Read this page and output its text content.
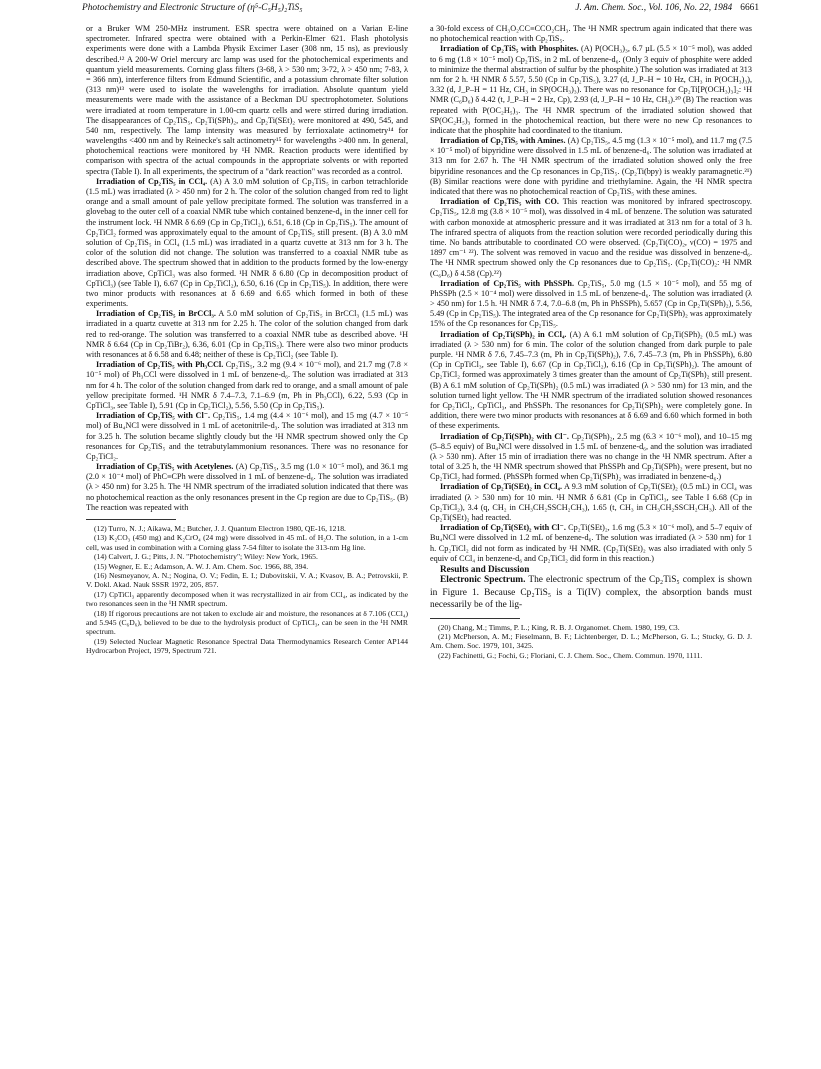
Photochemistry and Electronic Structure of (η⁵-C₅H₅)₂TiS₅	J. Am. Chem. Soc., Vol. 106, No. 22, 1984 6661

or a Bruker WM 250-MHz instrument. ESR spectra were obtained on a Varian E-line spectrometer. Infrared spectra were obtained with a Perkin-Elmer 621. Flash photolysis experiments were done with a Lambda Physik Excimer Laser (308 nm, 15 ns), as previously described.¹² A 200-W Oriel mercury arc lamp was used for the photochemical experiments and quantum yield measurements. Corning glass filters (3-68, λ > 530 nm; 3-72, λ > 450 nm; 7-83, λ = 366 nm), interference filters from Edmund Scientific, and a potassium chromate filter solution (313 nm)¹³ were used to isolate the wavelengths for irradiation. Absolute quantum yield measurements were made with the assistance of a Beckman DU spectrophotometer. Solutions were irradiated at room temperature in 1.00-cm quartz cells and were stirred during irradiation. The disappearances of Cp₂TiS₅, Cp₂Ti(SPh)₂, and Cp₂Ti(SEt)₂ were monitored at 490, 545, and 540 nm, respectively. The lamp intensity was measured by ferrioxalate actinometry¹⁴ for wavelengths <400 nm and by Reinecke's salt actinometry¹⁵ for wavelengths >400 nm. In general, photochemical reactions were monitored by ¹H NMR. Reaction products were identified by comparison with spectra of the actual compounds in the appropriate solvents or with reported spectra (Table I). In all experiments, the spectrum of a "dark reaction" was recorded as a control.

Irradiation of Cp₂TiS₅ in CCl₄. (A) A 3.0 mM solution of Cp₂TiS₅ in carbon tetrachloride (1.5 mL) was irradiated (λ > 450 nm) for 2 h. The color of the solution changed from red to light orange and a small amount of pale yellow precipitate formed. The solution was transferred in a glovebag to the outer cell of a coaxial NMR tube which contained benzene-d₆ in the inner cell for the instrument lock. ¹H NMR δ 6.69 (Cp in Cp₂TiCl₂), 6.51, 6.18 (Cp in Cp₂TiS₅). The amount of Cp₂TiCl₂ formed was approximately equal to the amount of Cp₂TiS₅ still present. (B) A 3.0 mM solution of Cp₂TiS₅ in CCl₄ (1.5 mL) was irradiated in a quartz cuvette at 313 nm for 3 h. The color of the solution did not change. The solution was transferred to a coaxial NMR tube as described above. The spectrum showed that in addition to the products formed by the low-energy irradiation above, CpTiCl₃ was also formed. ¹H NMR δ 6.80 (Cp in decomposition product of CpTiCl₃) (see Table I), 6.67 (Cp in Cp₂TiCl₂), 6.50, 6.16 (Cp in Cp₂TiS₅). In addition, there were two minor products with resonances at δ 6.69 and 6.65 which formed in both of these experiments.

Irradiation of Cp₂TiS₅ in BrCCl₃. A 5.0 mM solution of Cp₂TiS₅ in BrCCl₃ (1.5 mL) was irradiated in a quartz cuvette at 313 nm for 2.25 h. The color of the solution changed from dark red to red-orange. The solution was transferred to a coaxial NMR tube as described above. ¹H NMR δ 6.64 (Cp in Cp₂TiBr₂), 6.36, 6.01 (Cp in Cp₂TiS₅). There were also two minor products with resonances at δ 6.58 and 6.48; neither of these is Cp₂TiCl₂ (see Table I).

Irradiation of Cp₂TiS₅ with Ph₃CCl. Cp₂TiS₅, 3.2 mg (9.4 × 10⁻⁶ mol), and 21.7 mg (7.8 × 10⁻⁵ mol) of Ph₃CCl were dissolved in 1 mL of benzene-d₆. The solution was irradiated at 313 nm for 4 h. The color of the solution changed from dark red to orange, and a small amount of pale yellow precipitate formed. ¹H NMR δ 7.4–7.3, 7.1–6.9 (m, Ph in Ph₃CCl), 6.22, 5.93 (Cp in CpTiCl₃, see Table I), 5.91 (Cp in Cp₂TiCl₂), 5.56, 5.50 (Cp in Cp₂TiS₅).

Irradiation of Cp₂TiS₅ with Cl⁻. Cp₂TiS₅, 1.4 mg (4.4 × 10⁻⁶ mol), and 15 mg (4.7 × 10⁻⁵ mol) of Bu₄NCl were dissolved in 1 mL of acetonitrile-d₃. The solution was irradiated at 313 nm for 3.25 h. The solution became slightly cloudy but the ¹H NMR spectrum showed only the Cp resonances for Cp₂TiS₅ and the tetrabutylammonium resonances. There was no resonance for Cp₂TiCl₂.

Irradiation of Cp₂TiS₅ with Acetylenes. (A) Cp₂TiS₅, 3.5 mg (1.0 × 10⁻⁵ mol), and 36.1 mg (2.0 × 10⁻⁴ mol) of PhC≡CPh were dissolved in 1 mL of benzene-d₆. The solution was irradiated (λ > 450 nm) for 3.25 h. The ¹H NMR spectrum of the irradiated solution indicated that there was no photochemical reaction as the only resonances present in the Cp region are due to Cp₂TiS₅. (B) The reaction was repeated with

(12) Turro, N. J.; Aikawa, M.; Butcher, J. J. Quantum Electron 1980, QE-16, 1218.

(13) K₂CO₃ (450 mg) and K₂CrO₄ (24 mg) were dissolved in 45 mL of H₂O. The solution, in a 1-cm cell, was used in combination with a Corning glass 7-54 filter to isolate the 313-nm Hg line.

(14) Calvert, J. G.; Pitts, J. N. "Photochemistry"; Wiley: New York, 1965.

(15) Wegner, E. E.; Adamson, A. W. J. Am. Chem. Soc. 1966, 88, 394.

(16) Nesmeyanov, A. N.; Nogina, O. V.; Fedin, E. I.; Dubovitskii, V. A.; Kvasov, B. A.; Petrovskii, P. V. Dokl. Akad. Nauk SSSR 1972, 205, 857.

(17) CpTiCl₃ apparently decomposed when it was recrystallized in air from CCl₄, as indicated by the two resonances seen in the ¹H NMR spectrum.

(18) If rigorous precautions are not taken to exclude air and moisture, the resonances at δ 7.106 (CCl₄) and 5.945 (C₆D₆), believed to be due to the hydrolysis product of CpTiCl₃, can be seen in the ¹H NMR spectrum.

(19) Selected Nuclear Magnetic Resonance Spectral Data Thermodynamics Research Center AP144 Hydrocarbon Project, 1979, Spectrum 721.

a 30-fold excess of CH₃O₂CC≡CCO₂CH₃. The ¹H NMR spectrum again indicated that there was no photochemical reaction with Cp₂TiS₅.

Irradiation of Cp₂TiS₅ with Phosphites. (A) P(OCH₃)₃, 6.7 µL (5.5 × 10⁻⁵ mol), was added to 6 mg (1.8 × 10⁻⁵ mol) Cp₂TiS₅ in 2 mL of benzene-d₆. (Only 3 equiv of phosphite were added to minimize the thermal abstraction of sulfur by the phosphite.) The solution was irradiated at 313 nm for 2 h. ¹H NMR δ 5.57, 5.50 (Cp in Cp₂TiS₅), 3.27 (d, J_P–H = 10 Hz, CH₃ in P(OCH₃)₃), 3.32 (d, J_P–H = 11 Hz, CH₃ in SP(OCH₃)₃). There was no resonance for Cp₂Ti[P(OCH₃)₃]₂: ¹H NMR (C₆D₆) δ 4.42 (t, J_P–H = 2 Hz, Cp), 2.93 (d, J_P–H = 10 Hz, CH₃).²⁰ (B) The reaction was repeated with P(OC₂H₅)₃. The ¹H NMR spectrum of the irradiated solution showed that SP(OC₂H₅)₃ formed in the photochemical reaction, but there were no new Cp resonances to indicate that the phosphite had coordinated to the titanium.

Irradiation of Cp₂TiS₅ with Amines. (A) Cp₂TiS₅, 4.5 mg (1.3 × 10⁻⁵ mol), and 11.7 mg (7.5 × 10⁻⁵ mol) of bipyridine were dissolved in 1.5 mL of benzene-d₆. The solution was irradiated at 313 nm for 2.67 h. The ¹H NMR spectrum of the irradiated solution showed only the free bipyridine resonances and the Cp resonances in Cp₂TiS₅. (Cp₂Ti(bpy) is weakly paramagnetic.²¹) (B) Similar reactions were done with pyridine and triethylamine. Again, the ¹H NMR spectra indicated that there was no photochemical reaction of Cp₂TiS₅ with these amines.

Irradiation of Cp₂TiS₅ with CO. This reaction was monitored by infrared spectroscopy. Cp₂TiS₅, 12.8 mg (3.8 × 10⁻⁵ mol), was dissolved in 4 mL of benzene. The solution was saturated with carbon monoxide at atmospheric pressure and it was irradiated at 313 nm for a total of 3 h. The infrared spectra of aliquots from the reaction solution were recorded periodically during this time. No bands attributable to coordinated CO were observed. (Cp₂Ti(CO)₂, ν(CO) = 1975 and 1897 cm⁻¹ ²²). The solvent was removed in vacuo and the residue was dissolved in benzene-d₆. The ¹H NMR spectrum showed only the Cp resonances due to Cp₂TiS₅. (Cp₂Ti(CO)₂: ¹H NMR (C₆D₆) δ 4.58 (Cp).²²)

Irradiation of Cp₂TiS₅ with PhSSPh. Cp₂TiS₅, 5.0 mg (1.5 × 10⁻⁵ mol), and 55 mg of PhSSPh (2.5 × 10⁻⁴ mol) were dissolved in 1.5 mL of benzene-d₆. The solution was irradiated (λ > 450 nm) for 1.5 h. ¹H NMR δ 7.4, 7.0–6.8 (m, Ph in PhSSPh), 5.657 (Cp in Cp₂Ti(SPh)₂), 5.56, 5.49 (Cp in Cp₂TiS₅). The integrated area of the Cp resonance for Cp₂Ti(SPh)₂ was approximately 15% of the Cp resonances for Cp₂TiS₅.

Irradiation of Cp₂Ti(SPh)₂ in CCl₄. (A) A 6.1 mM solution of Cp₂Ti(SPh)₂ (0.5 mL) was irradiated (λ > 530 nm) for 6 min. The color of the solution changed from dark purple to pale purple. ¹H NMR δ 7.6, 7.45–7.3 (m, Ph in Cp₂Ti(SPh)₂), 7.6, 7.45–7.3 (m, Ph in PhSSPh), 6.80 (Cp in CpTiCl₃, see Table I), 6.67 (Cp in Cp₂TiCl₂), 6.16 (Cp in Cp₂Ti(SPh)₂). The amount of Cp₂TiCl₂ formed was approximately 3 times greater than the amount of Cp₂Ti(SPh)₂ still present. (B) A 6.1 mM solution of Cp₂Ti(SPh)₂ (0.5 mL) was irradiated (λ > 530 nm) for 13 min, and the solution turned light yellow. The ¹H NMR spectrum of the irradiated solution showed resonances for Cp₂TiCl₂, CpTiCl₃, and PhSSPh. The resonances for Cp₂Ti(SPh)₂ were completely gone. In addition, there were two minor products with resonances at δ 6.69 and 6.60 which formed in both of these experiments.

Irradiation of Cp₂Ti(SPh)₂ with Cl⁻. Cp₂Ti(SPh)₂, 2.5 mg (6.3 × 10⁻⁶ mol), and 10–15 mg (5–8.5 equiv) of Bu₄NCl were dissolved in 1.5 mL of benzene-d₆, and the solution was irradiated (λ > 530 nm). After 15 min of irradiation there was no change in the ¹H NMR spectrum. After a total of 3.25 h, the ¹H NMR spectrum showed that PhSSPh and Cp₂Ti(SPh)₂ were present, but no Cp₂TiCl₂ had formed. (PhSSPh formed when Cp₂Ti(SPh)₂ was irradiated in benzene-d₆.)

Irradiation of Cp₂Ti(SEt)₂ in CCl₄. A 9.3 mM solution of Cp₂Ti(SEt)₂ (0.5 mL) in CCl₄ was irradiated (λ > 530 nm) for 10 min. ¹H NMR δ 6.81 (Cp in CpTiCl₃, see Table I 6.68 (Cp in Cp₂TiCl₂), 3.4 (q, CH₂ in CH₃CH₂SSCH₂CH₃), 1.65 (t, CH₃ in CH₃CH₂SSCH₂CH₃). All of the Cp₂Ti(SEt)₂ had reacted.

Irradiation of Cp₂Ti(SEt)₂ with Cl⁻. Cp₂Ti(SEt)₂, 1.6 mg (5.3 × 10⁻⁶ mol), and 5–7 equiv of Bu₄NCl were dissolved in 1.2 mL of benzene-d₆. The solution was irradiated (λ > 530 nm) for 1 h. Cp₂TiCl₂ did not form as indicated by ¹H NMR. (Cp₂Ti(SEt)₂ was also irradiated with only 5 equiv of CCl₄ in benzene-d₆ and Cp₂TiCl₂ did form in this reaction.)

Results and Discussion

Electronic Spectrum. The electronic spectrum of the Cp₂TiS₅ complex is shown in Figure 1. Because Cp₂TiS₅ is a Ti(IV) complex, the absorption bands must necessarily be of the lig-

(20) Chang, M.; Timms, P. L.; King, R. B. J. Organomet. Chem. 1980, 199, C3.

(21) McPherson, A. M.; Fieselmann, B. F.; Lichtenberger, D. L.; McPherson, G. L.; Stucky, G. D. J. Am. Chem. Soc. 1979, 101, 3425.

(22) Fachinetti, G.; Fochi, G.; Floriani, C. J. Chem. Soc., Chem. Commun. 1970, 1111.
